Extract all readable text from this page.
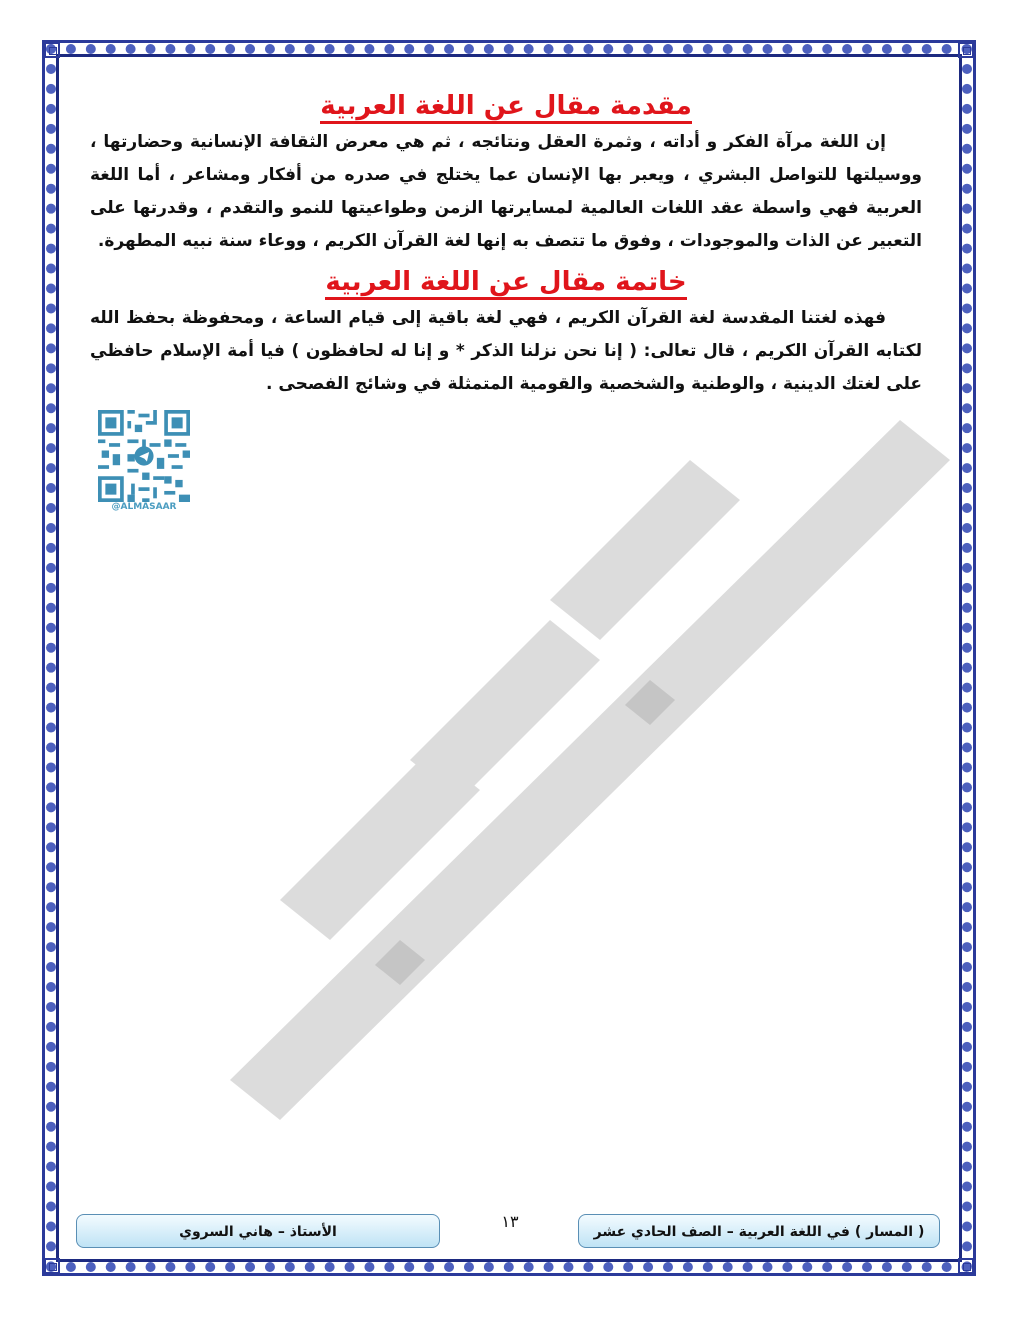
مقدمة مقال عن اللغة العربية

إن اللغة مرآة الفكر و أداته ، وثمرة العقل ونتائجه ، ثم هي معرض الثقافة الإنسانية وحضارتها ، ووسيلتها للتواصل البشري ، ويعبر بها الإنسان عما يختلج في صدره من أفكار ومشاعر ، أما اللغة العربية فهي واسطة عقد اللغات العالمية لمسايرتها الزمن وطواعيتها للنمو والتقدم ، وقدرتها على التعبير عن الذات والموجودات ، وفوق ما تتصف به إنها لغة القرآن الكريم ، ووعاء سنة نبيه المطهرة.

خاتمة مقال عن اللغة العربية

فهذه لغتنا المقدسة لغة القرآن الكريم ، فهي لغة باقية إلى قيام الساعة ، ومحفوظة بحفظ الله لكتابه القرآن الكريم ، قال تعالى: ( إنا نحن نزلنا الذكر * و إنا له لحافظون ) فيا أمة الإسلام حافظي على لغتك الدينية ، والوطنية والشخصية والقومية المتمثلة في وشائج الفصحى .

@ALMASAAR
( المسار ) في اللغة العربية – الصف الحادي عشر
١٣
الأستاذ – هاني السروي
